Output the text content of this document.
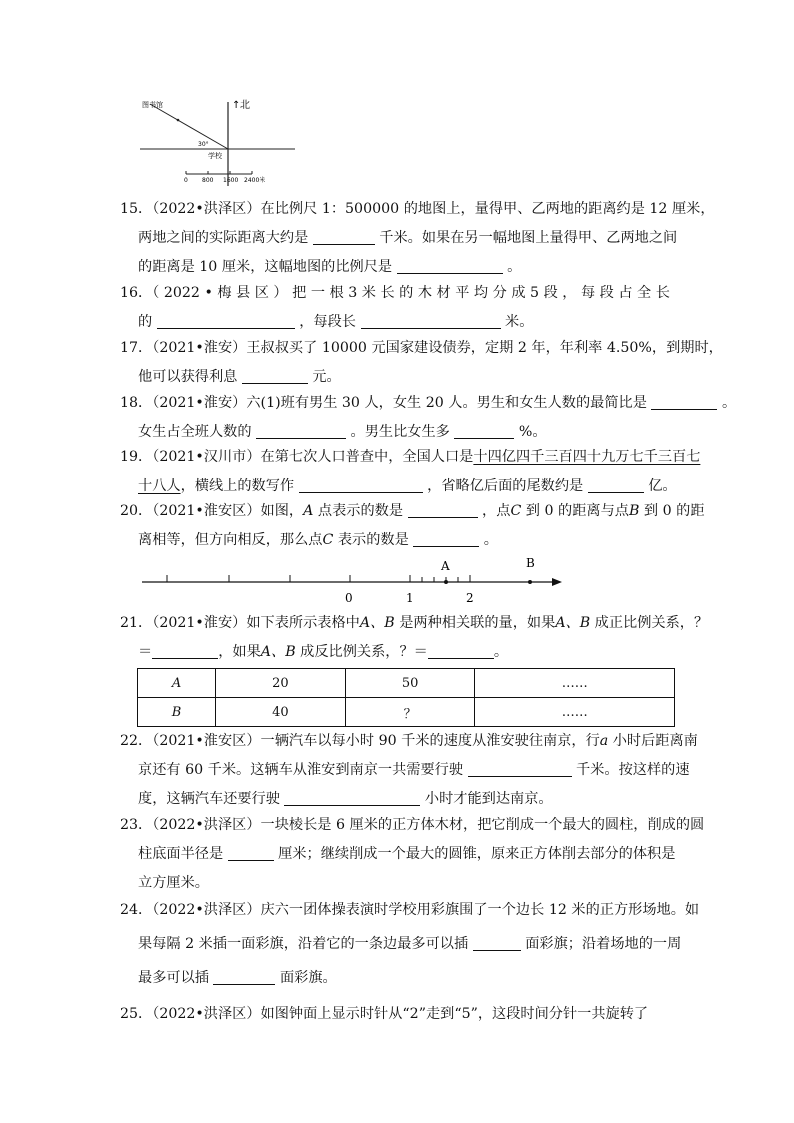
图书馆	↑ 北
30°
学校
0 800 1600 2400米
15．（2022•洪泽区）在比例尺 1：500000 的地图上，量得甲、乙两地的距离约是 12 厘米，
两地之间的实际距离大约是	千米。如果在另一幅地图上量得甲、乙两地之间
的距离是 10 厘米，这幅地图的比例尺是	。
16．（ 2022 • 梅 县 区 ） 把 一 根 3 米 长 的 木 材 平 均 分 成 5 段 ， 每 段 占 全 长
的	，每段长	米。
17．（2021•淮安）王叔叔买了 10000 元国家建设债券，定期 2 年，年利率 4.50%，到期时，
他可以获得利息	元。
18．（2021•淮安）六(1)班有男生 30 人，女生 20 人。男生和女生人数的最简比是	。
女生占全班人数的	。男生比女生多	%。
19．（2021•汉川市）在第七次人口普查中，全国人口是十四亿四千三百四十九万七千三百七
十八人，横线上的数写作	，省略亿后面的尾数约是	亿。
20．（2021•淮安区）如图，A 点表示的数是	，点C 到 0 的距离与点B 到 0 的距
离相等，但方向相反，那么点C 表示的数是	。
A	B
0	1	2
21．（2021•淮安）如下表所示表格中A、B 是两种相关联的量，如果A、B 成正比例关系，？
＝	，如果A、B 成反比例关系，？＝	。
A	20	50	……
B	40	？	……
22．（2021•淮安区）一辆汽车以每小时 90 千米的速度从淮安驶往南京，行a 小时后距离南
京还有 60 千米。这辆车从淮安到南京一共需要行驶	千米。按这样的速
度，这辆汽车还要行驶	小时才能到达南京。
23．（2022•洪泽区）一块棱长是 6 厘米的正方体木材，把它削成一个最大的圆柱，削成的圆
柱底面半径是	厘米；继续削成一个最大的圆锥，原来正方体削去部分的体积是
立方厘米。
24．（2022•洪泽区）庆六一团体操表演时学校用彩旗围了一个边长 12 米的正方形场地。如
果每隔 2 米插一面彩旗，沿着它的一条边最多可以插	面彩旗；沿着场地的一周
最多可以插	面彩旗。
25．（2022•洪泽区）如图钟面上显示时针从“2”走到“5”，这段时间分针一共旋转了
